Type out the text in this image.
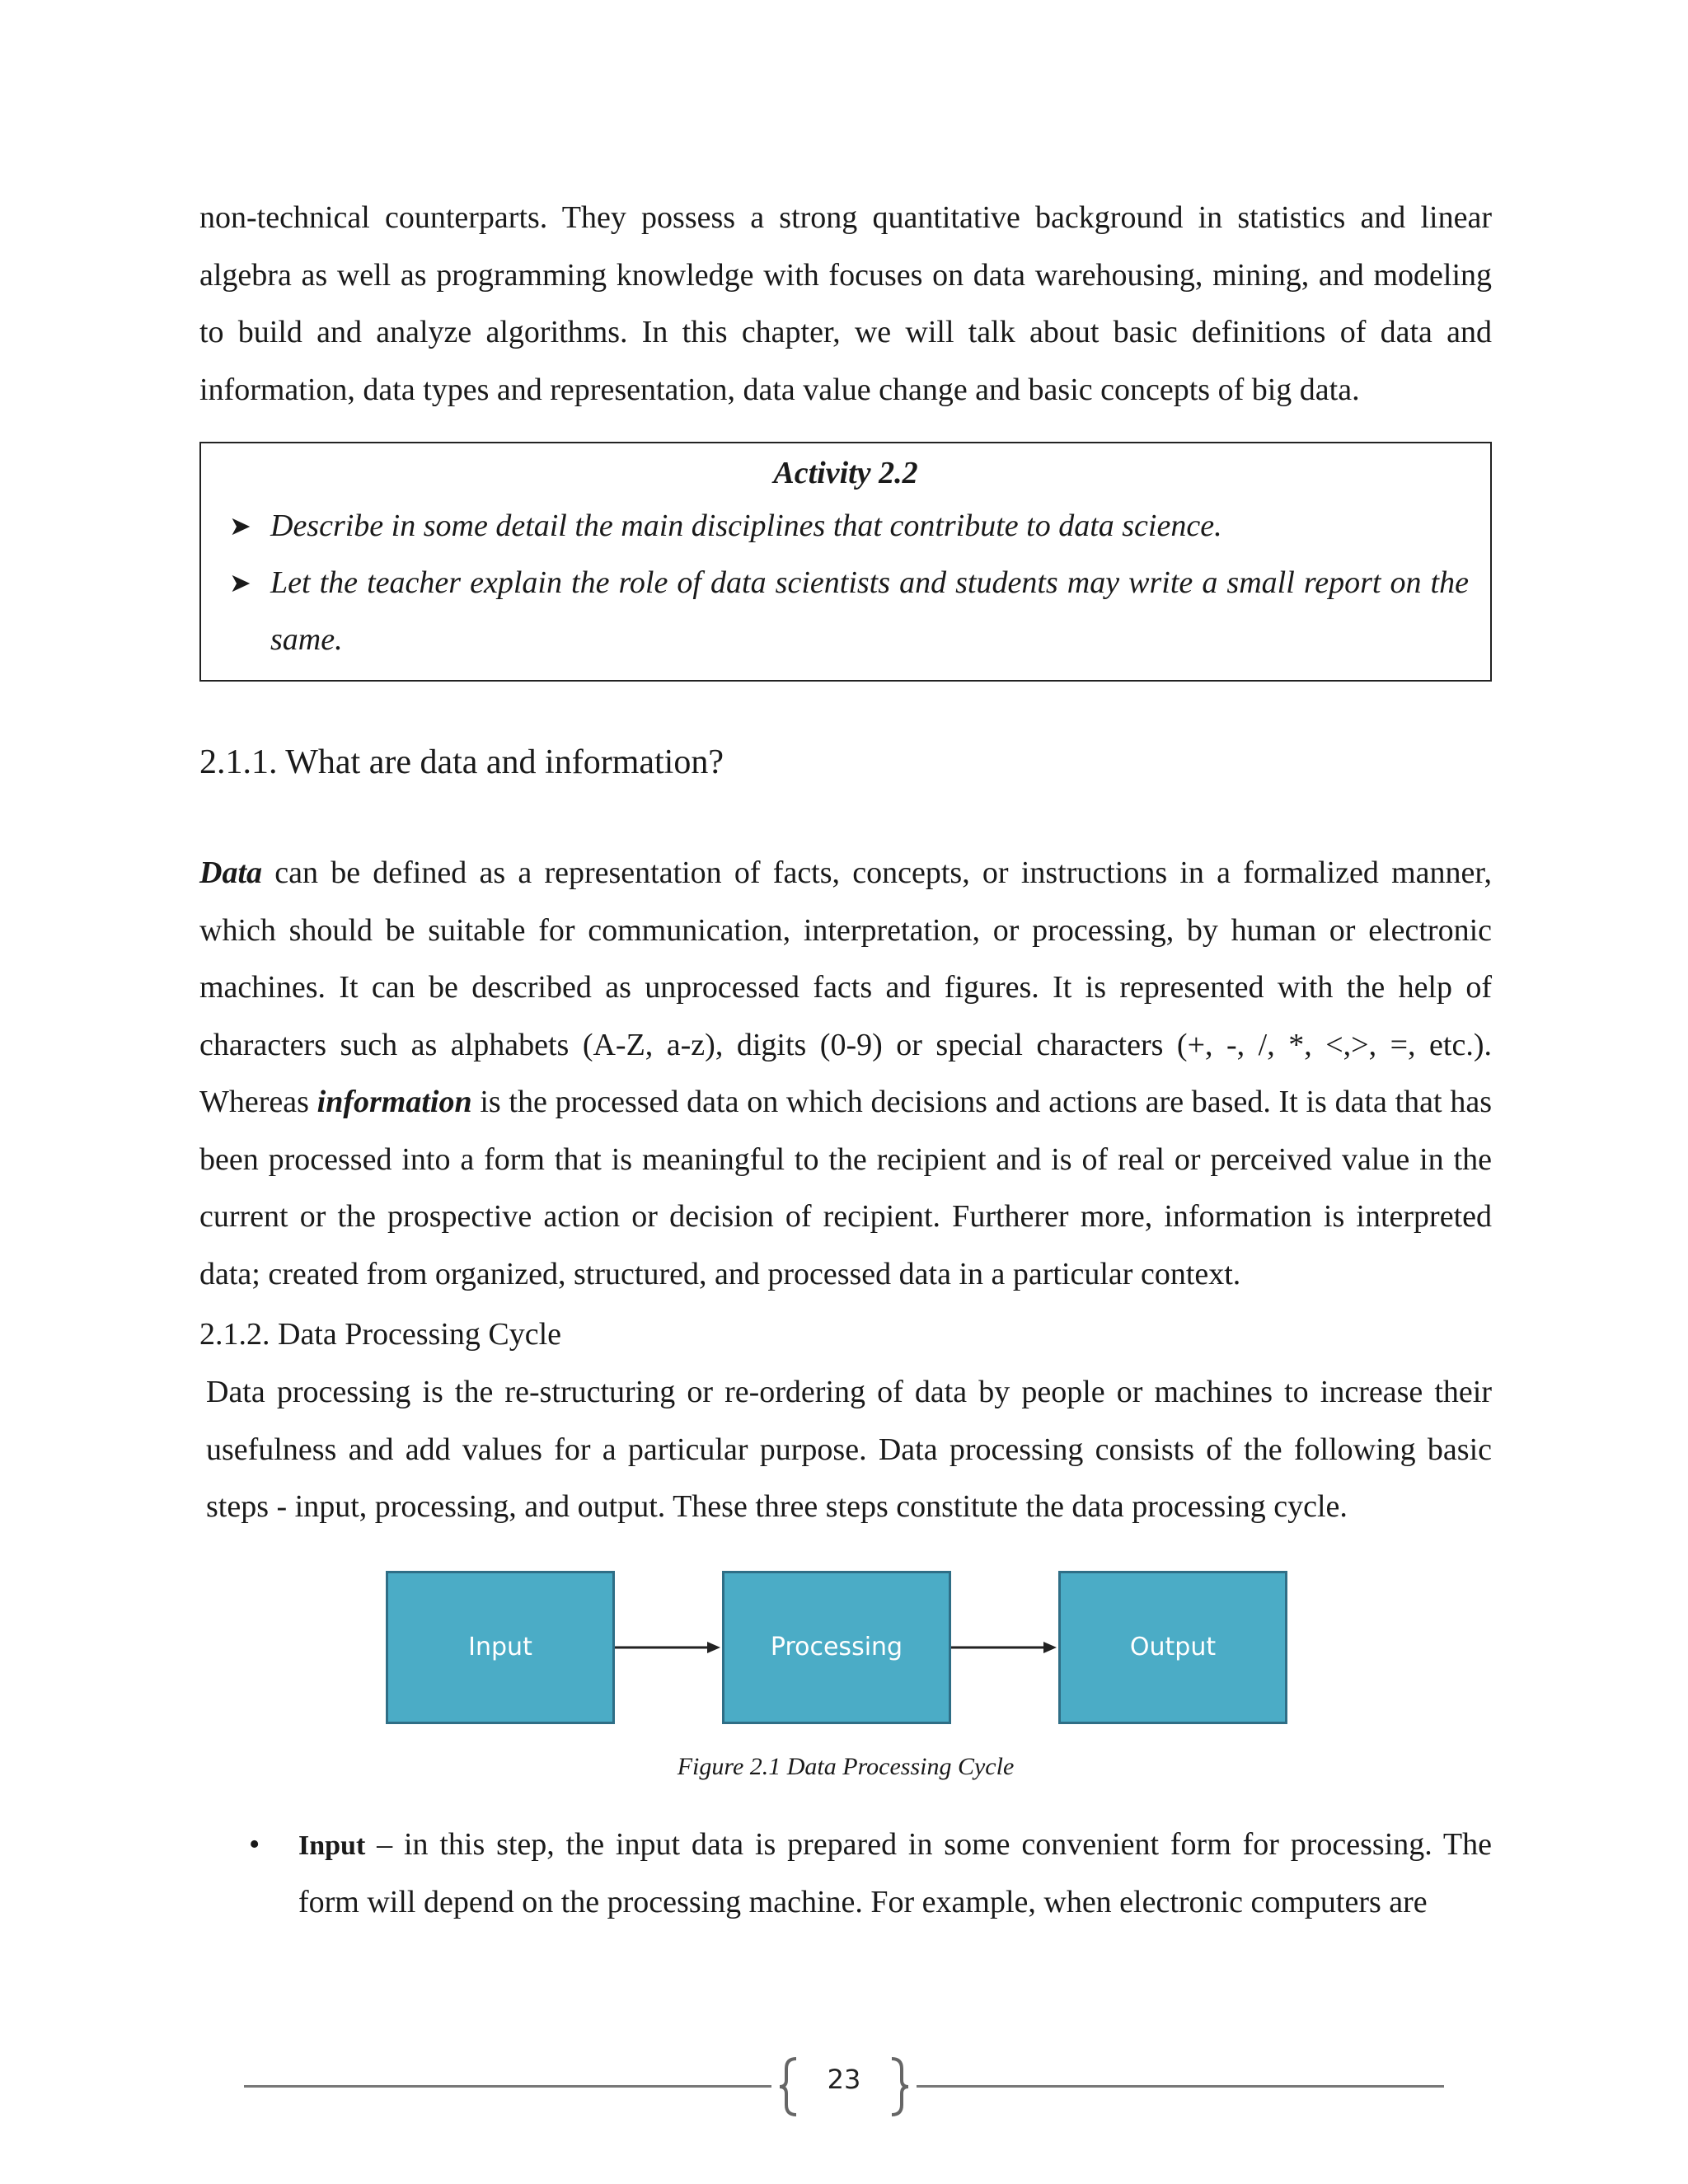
non-technical counterparts. They possess a strong quantitative background in statistics and linear algebra as well as programming knowledge with focuses on data warehousing, mining, and modeling to build and analyze algorithms. In this chapter, we will talk about basic definitions of data and information, data types and representation, data value change and basic concepts of big data.

Activity 2.2

➤ Describe in some detail the main disciplines that contribute to data science.
➤ Let the teacher explain the role of data scientists and students may write a small report on the same.
2.1.1. What are data and information?

Data can be defined as a representation of facts, concepts, or instructions in a formalized manner, which should be suitable for communication, interpretation, or processing, by human or electronic machines. It can be described as unprocessed facts and figures. It is represented with the help of characters such as alphabets (A-Z, a-z), digits (0-9) or special characters (+, -, /, *, <,>, =, etc.). Whereas information is the processed data on which decisions and actions are based. It is data that has been processed into a form that is meaningful to the recipient and is of real or perceived value in the current or the prospective action or decision of recipient. Furtherer more, information is interpreted data; created from organized, structured, and processed data in a particular context.

2.1.2. Data Processing Cycle

Data processing is the re-structuring or re-ordering of data by people or machines to increase their usefulness and add values for a particular purpose. Data processing consists of the following basic steps - input, processing, and output. These three steps constitute the data processing cycle.

Input	Processing	Output

Figure 2.1 Data Processing Cycle

• Input – in this step, the input data is prepared in some convenient form for processing. The form will depend on the processing machine. For example, when electronic computers are
23
